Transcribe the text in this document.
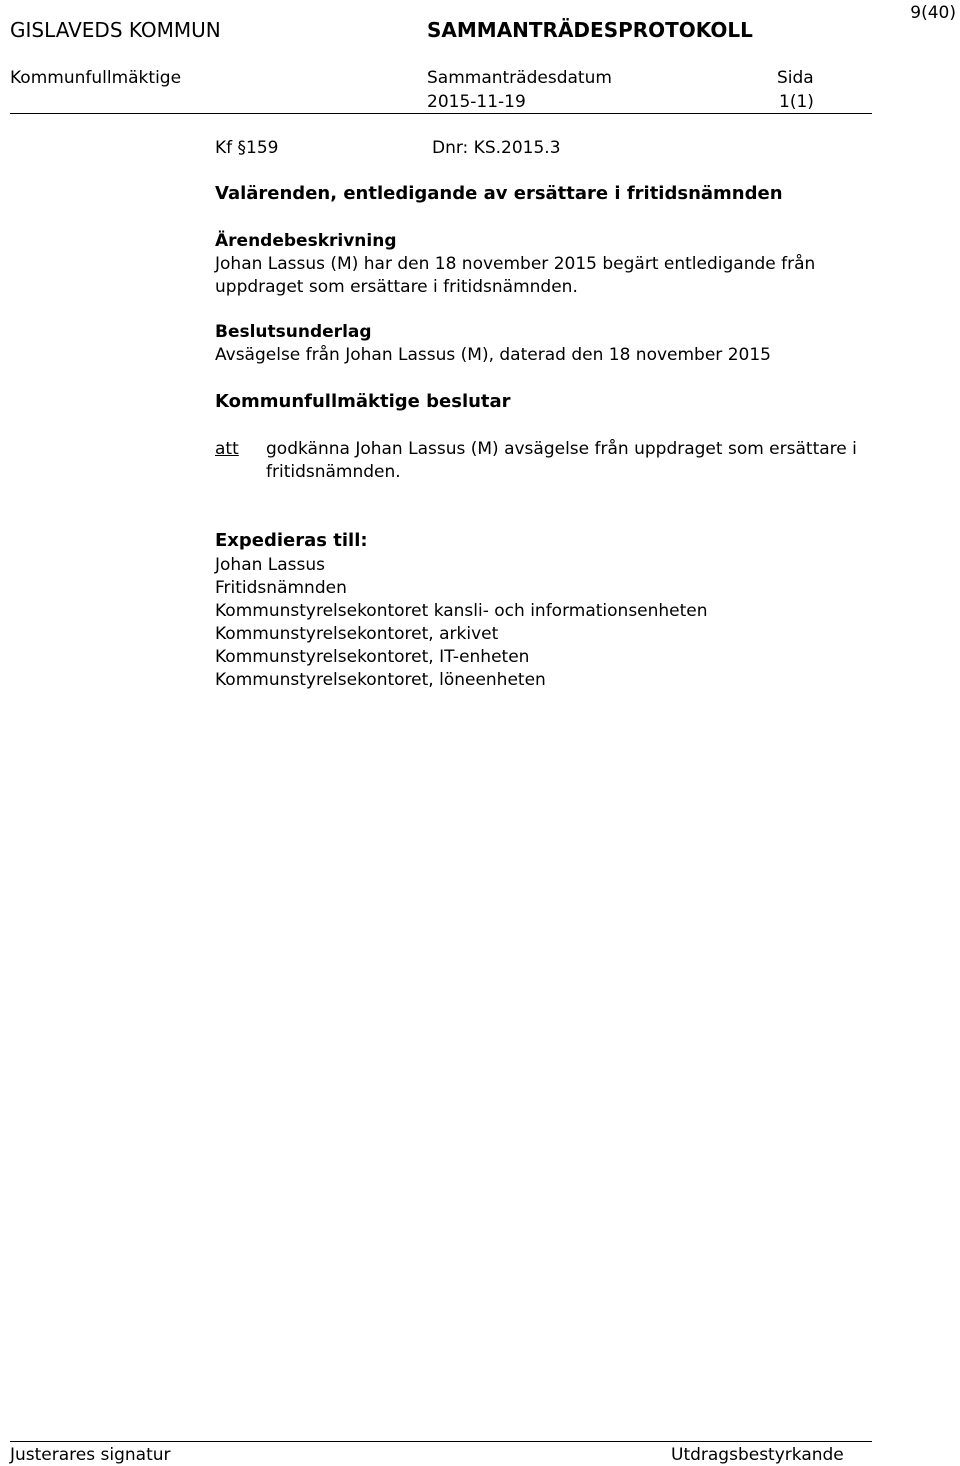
9(40)
GISLAVEDS KOMMUN	SAMMANTRÄDESPROTOKOLL
Kommunfullmäktige	Sammanträdesdatum	Sida
2015-11-19	1(1)
Kf §159	Dnr: KS.2015.3
Valärenden, entledigande av ersättare i fritidsnämnden
Ärendebeskrivning
Johan Lassus (M) har den 18 november 2015 begärt entledigande från
uppdraget som ersättare i fritidsnämnden.
Beslutsunderlag
Avsägelse från Johan Lassus (M), daterad den 18 november 2015
Kommunfullmäktige beslutar
att godkänna Johan Lassus (M) avsägelse från uppdraget som ersättare i
fritidsnämnden.
Expedieras till:
Johan Lassus
Fritidsnämnden
Kommunstyrelsekontoret kansli- och informationsenheten
Kommunstyrelsekontoret, arkivet
Kommunstyrelsekontoret, IT-enheten
Kommunstyrelsekontoret, löneenheten
Justerares signatur	Utdragsbestyrkande
